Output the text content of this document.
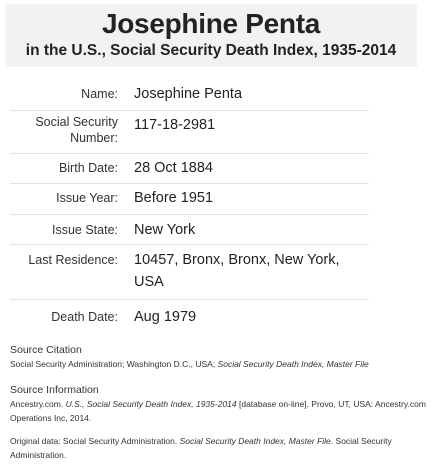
Josephine Penta
in the U.S., Social Security Death Index, 1935-2014
Name: Josephine Penta
Social Security Number:
117-18-2981
Birth Date: 28 Oct 1884
Issue Year: Before 1951
Issue State: New York
Last Residence: 10457, Bronx, Bronx, New York, USA
Death Date: Aug 1979
Source Citation
Social Security Administration; Washington D.C., USA; Social Security Death Index, Master File
Source Information
Ancestry.com. U.S., Social Security Death Index, 1935-2014 [database on-line]. Provo, UT, USA: Ancestry.com Operations Inc, 2014.
Original data: Social Security Administration. Social Security Death Index, Master File. Social Security Administration.
